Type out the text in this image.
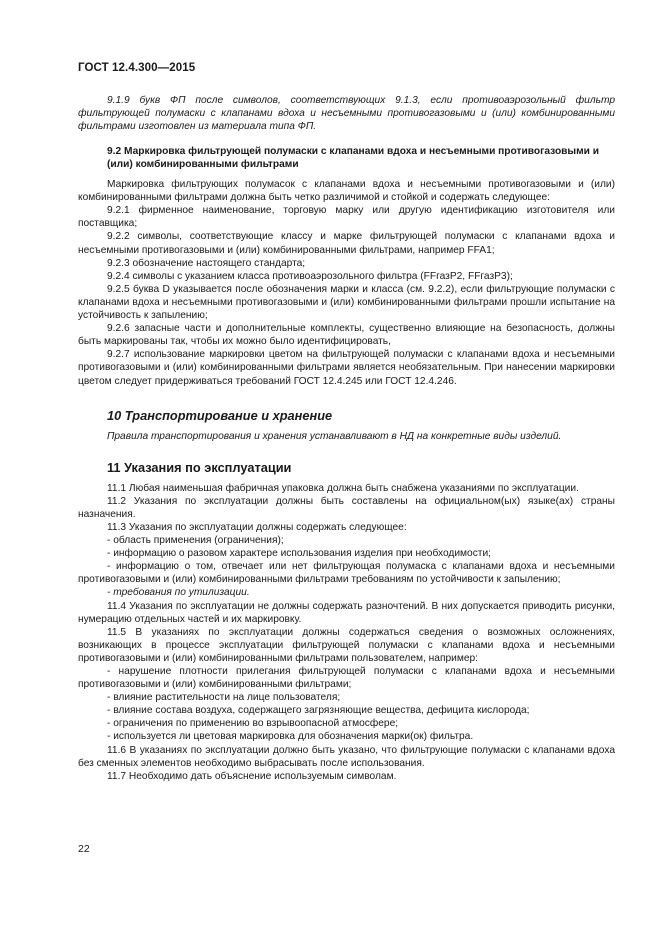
ГОСТ 12.4.300—2015

9.1.9 букв ФП после символов, соответствующих 9.1.3, если противоаэрозольный фильтр фильтрующей полумаски с клапанами вдоха и несъемными противогазовыми и (или) комбинированными фильтрами изготовлен из материала типа ФП.

9.2 Маркировка фильтрующей полумаски с клапанами вдоха и несъемными противогазовыми и (или) комбинированными фильтрами

Маркировка фильтрующих полумасок с клапанами вдоха и несъемными противогазовыми и (или) комбинированными фильтрами должна быть четко различимой и стойкой и содержать следующее:

9.2.1 фирменное наименование, торговую марку или другую идентификацию изготовителя или поставщика;

9.2.2 символы, соответствующие классу и марке фильтрующей полумаски с клапанами вдоха и несъемными противогазовыми и (или) комбинированными фильтрами, например FFA1;

9.2.3 обозначение настоящего стандарта;

9.2.4 символы с указанием класса противоаэрозольного фильтра (FFгазР2, FFгазР3);

9.2.5 буква D указывается после обозначения марки и класса (см. 9.2.2), если фильтрующие полумаски с клапанами вдоха и несъемными противогазовыми и (или) комбинированными фильтрами прошли испытание на устойчивость к запылению;

9.2.6 запасные части и дополнительные комплекты, существенно влияющие на безопасность, должны быть маркированы так, чтобы их можно было идентифицировать,

9.2.7 использование маркировки цветом на фильтрующей полумаски с клапанами вдоха и несъемными противогазовыми и (или) комбинированными фильтрами является необязательным. При нанесении маркировки цветом следует придерживаться требований ГОСТ 12.4.245 или ГОСТ 12.4.246.

10 Транспортирование и хранение

Правила транспортирования и хранения устанавливают в НД на конкретные виды изделий.

11 Указания по эксплуатации

11.1 Любая наименьшая фабричная упаковка должна быть снабжена указаниями по эксплуатации.

11.2 Указания по эксплуатации должны быть составлены на официальном(ых) языке(ах) страны назначения.

11.3 Указания по эксплуатации должны содержать следующее:

- область применения (ограничения);

- информацию о разовом характере использования изделия при необходимости;

- информацию о том, отвечает или нет фильтрующая полумаска с клапанами вдоха и несъемными противогазовыми и (или) комбинированными фильтрами требованиям по устойчивости к запылению;

- требования по утилизации.

11.4 Указания по эксплуатации не должны содержать разночтений. В них допускается приводить рисунки, нумерацию отдельных частей и их маркировку.

11.5 В указаниях по эксплуатации должны содержаться сведения о возможных осложнениях, возникающих в процессе эксплуатации фильтрующей полумаски с клапанами вдоха и несъемными противогазовыми и (или) комбинированными фильтрами пользователем, например:

- нарушение плотности прилегания фильтрующей полумаски с клапанами вдоха и несъемными противогазовыми и (или) комбинированными фильтрами;

- влияние растительности на лице пользователя;

- влияние состава воздуха, содержащего загрязняющие вещества, дефицита кислорода;

- ограничения по применению во взрывоопасной атмосфере;

- используется ли цветовая маркировка для обозначения марки(ок) фильтра.

11.6 В указаниях по эксплуатации должно быть указано, что фильтрующие полумаски с клапанами вдоха без сменных элементов необходимо выбрасывать после использования.

11.7 Необходимо дать объяснение используемым символам.

22
